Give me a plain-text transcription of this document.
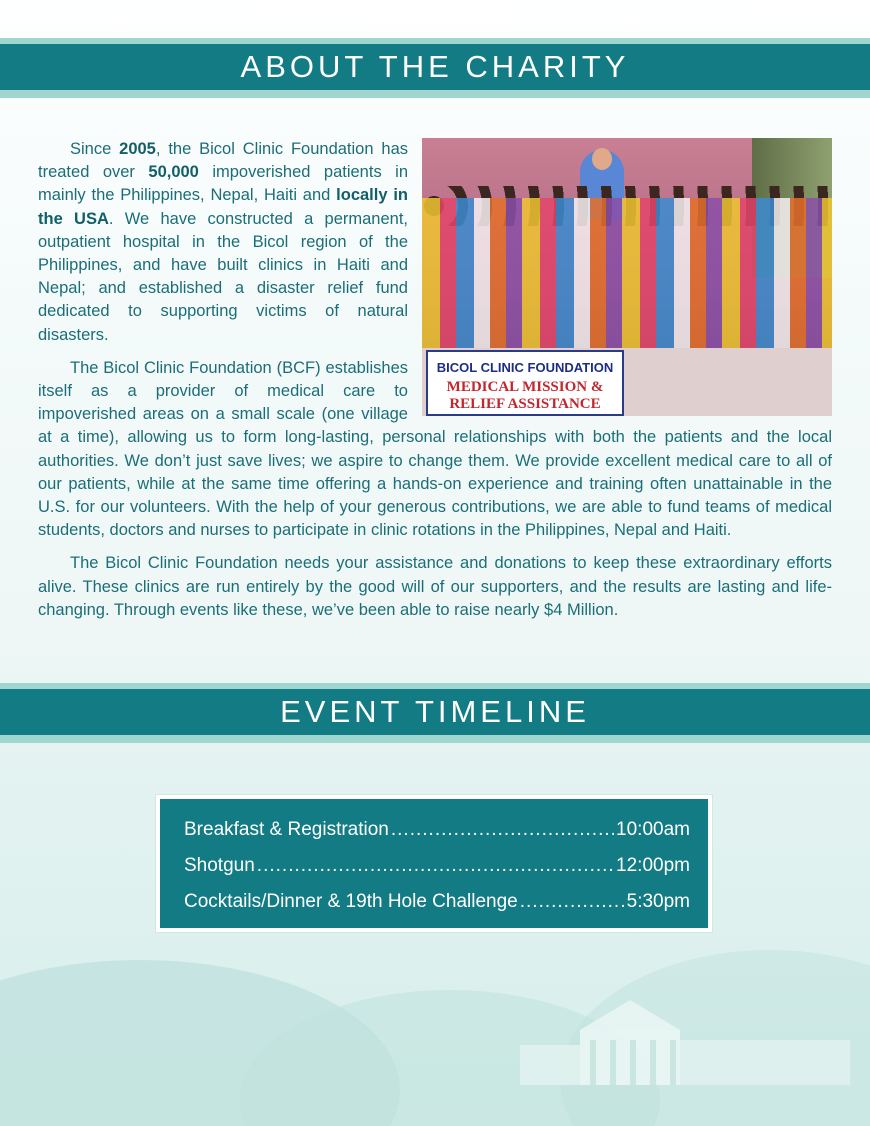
ABOUT THE CHARITY
BICOL CLINIC FOUNDATION
MEDICAL MISSION &
RELIEF ASSISTANCE

Since 2005, the Bicol Clinic Foundation has treated over 50,000 impoverished patients in mainly the Philippines, Nepal, Haiti and locally in the USA. We have constructed a permanent, outpatient hospital in the Bicol region of the Philippines, and have built clinics in Haiti and Nepal; and established a disaster relief fund dedicated to supporting victims of natural disasters.

The Bicol Clinic Foundation (BCF) establishes itself as a provider of medical care to impoverished areas on a small scale (one village at a time), allowing us to form long-lasting, personal relationships with both the patients and the local authorities. We don’t just save lives; we aspire to change them. We provide excellent medical care to all of our patients, while at the same time offering a hands-on experience and training often unattainable in the U.S. for our volunteers. With the help of your generous contributions, we are able to fund teams of medical students, doctors and nurses to participate in clinic rotations in the Philippines, Nepal and Haiti.

The Bicol Clinic Foundation needs your assistance and donations to keep these extraordinary efforts alive. These clinics are run entirely by the good will of our supporters, and the results are lasting and life-changing. Through events like these, we’ve been able to raise nearly $4 Million.

EVENT TIMELINE
Breakfast & Registration .....	10:00am
Shotgun .....	12:00pm
Cocktails/Dinner & 19th Hole Challenge .....	5:30pm
